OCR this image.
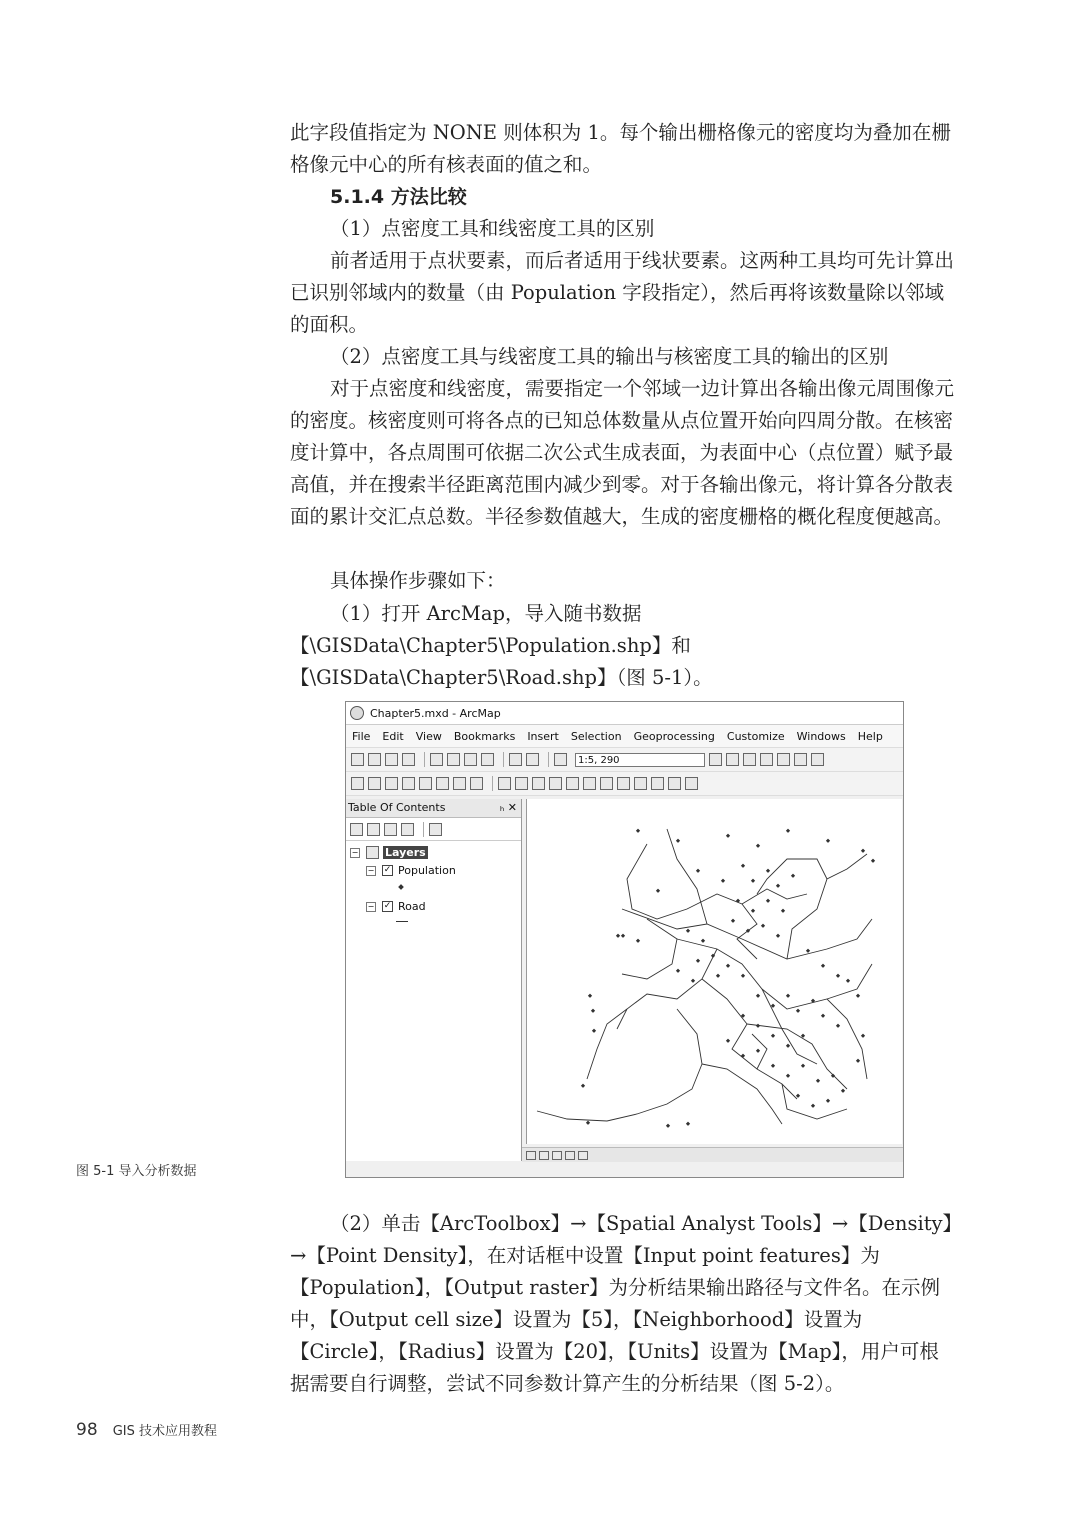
此字段值指定为 NONE 则体积为 1。每个输出栅格像元的密度均为叠加在栅格像元中心的所有核表面的值之和。

5.1.4 方法比较

（1）点密度工具和线密度工具的区别

前者适用于点状要素，而后者适用于线状要素。这两种工具均可先计算出已识别邻域内的数量（由 Population 字段指定），然后再将该数量除以邻域的面积。

（2）点密度工具与线密度工具的输出与核密度工具的输出的区别

对于点密度和线密度，需要指定一个邻域一边计算出各输出像元周围像元的密度。核密度则可将各点的已知总体数量从点位置开始向四周分散。在核密度计算中，各点周围可依据二次公式生成表面，为表面中心（点位置）赋予最高值，并在搜索半径距离范围内减少到零。对于各输出像元，将计算各分散表面的累计交汇点总数。半径参数值越大，生成的密度栅格的概化程度便越高。

具体操作步骤如下：

（1）打开 ArcMap，导入随书数据【\GISData\Chapter5\Population.shp】和【\GISData\Chapter5\Road.shp】（图 5-1）。

Chapter5.mxd - ArcMap
File Edit View Bookmarks Insert Selection Geoprocessing Customize Windows Help
1:5, 290
Table Of Contents	ₕ ✕
− Layers
− ✓ Population
− ✓ Road
图 5-1 导入分析数据

（2）单击【ArcToolbox】→【Spatial Analyst Tools】→【Density】→【Point Density】，在对话框中设置【Input point features】为【Population】，【Output raster】为分析结果输出路径与文件名。在示例中，【Output cell size】设置为【5】，【Neighborhood】设置为【Circle】，【Radius】设置为【20】，【Units】设置为【Map】，用户可根据需要自行调整，尝试不同参数计算产生的分析结果（图 5-2）。

98 GIS 技术应用教程
